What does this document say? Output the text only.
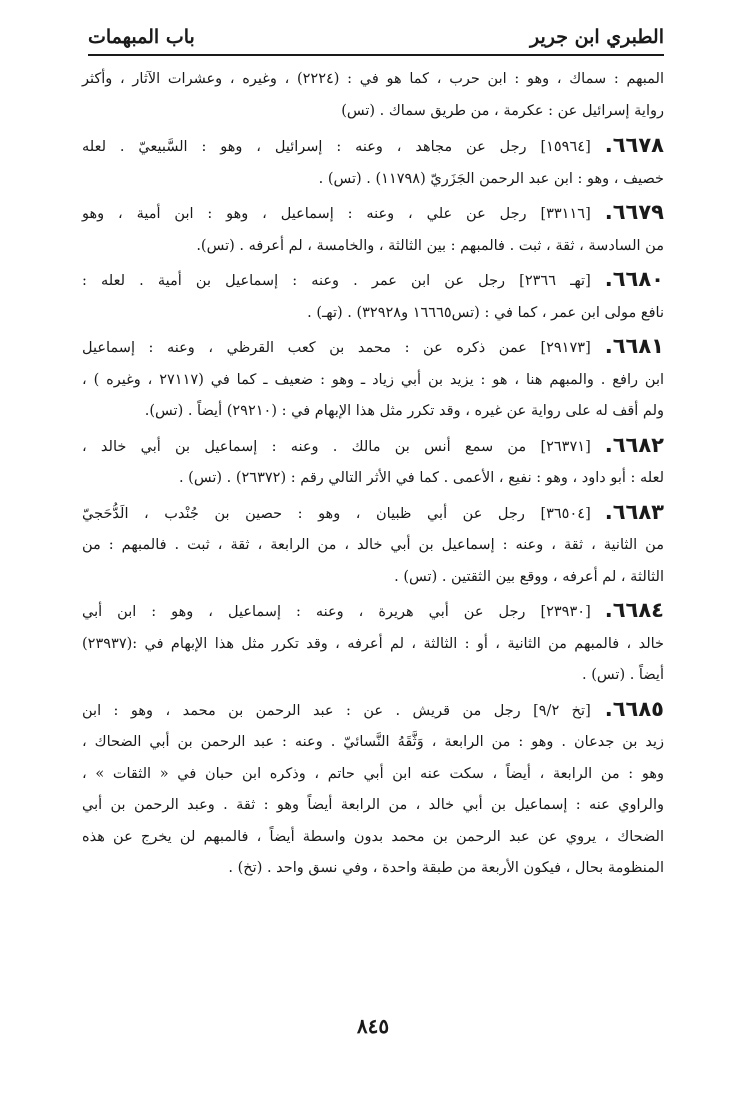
الطبري ابن جرير
باب المبهمات
المبهم : سماك ، وهو : ابن حرب ، كما هو في : (٢٢٢٤) ، وغيره ، وعشرات الآثار ، وأكثر
رواية إسرائيل عن : عكرمة ، من طريق سماك . (تس)
٦٦٧٨.[١٥٩٦٤] رجل عن مجاهد ، وعنه : إسرائيل ، وهو : السَّبيعيّ . لعله
خصيف ، وهو : ابن عبد الرحمن الجَزَريّ (١١٧٩٨) . (تس) .
٦٦٧٩.[٣٣١١٦] رجل عن علي ، وعنه : إسماعيل ، وهو : ابن أمية ، وهو
من السادسة ، ثقة ، ثبت . فالمبهم : بين الثالثة ، والخامسة ، لم أعرفه . (تس).
٦٦٨٠.[تهـ ٢٣٦٦] رجل عن ابن عمر . وعنه : إسماعيل بن أمية . لعله :
نافع مولى ابن عمر ، كما في : (تس١٦٦٦٥ و٣٢٩٢٨) . (تهـ) .
٦٦٨١.[٢٩١٧٣] عمن ذكره عن : محمد بن كعب القرظي ، وعنه : إسماعيل
ابن رافع . والمبهم هنا ، هو : يزيد بن أبي زياد ـ وهو : ضعيف ـ كما في (٢٧١١٧ ، وغيره ) ،
ولم أقف له على رواية عن غيره ، وقد تكرر مثل هذا الإبهام في : (٢٩٢١٠) أيضاً . (تس).
٦٦٨٢.[٢٦٣٧١] من سمع أنس بن مالك . وعنه : إسماعيل بن أبي خالد ،
لعله : أبو داود ، وهو : نفيع ، الأعمى . كما في الأثر التالي رقم : (٢٦٣٧٢) . (تس) .
٦٦٨٣.[٣٦٥٠٤] رجل عن أبي ظبيان ، وهو : حصين بن جُنْدب ، الَدُّحَجيّ
من الثانية ، ثقة ، وعنه : إسماعيل بن أبي خالد ، من الرابعة ، ثقة ، ثبت . فالمبهم : من
الثالثة ، لم أعرفه ، ووقع بين الثقتين . (تس) .
٦٦٨٤.[٢٣٩٣٠] رجل عن أبي هريرة ، وعنه : إسماعيل ، وهو : ابن أبي
خالد ، فالمبهم من الثانية ، أو : الثالثة ، لم أعرفه ، وقد تكرر مثل هذا الإبهام في :(٢٣٩٣٧)
أيضاً . (تس) .
٦٦٨٥.[تخ ٩/٢] رجل من قريش . عن : عبد الرحمن بن محمد ، وهو : ابن
زيد بن جدعان . وهو : من الرابعة ، وَثَّقَهُ النَّسائيّ . وعنه : عبد الرحمن بن أبي الضحاك ،
وهو : من الرابعة ، أيضاً ، سكت عنه ابن أبي حاتم ، وذكره ابن حبان في « الثقات » ،
والراوي عنه : إسماعيل بن أبي خالد ، من الرابعة أيضاً وهو : ثقة . وعبد الرحمن بن أبي
الضحاك ، يروي عن عبد الرحمن بن محمد بدون واسطة أيضاً ، فالمبهم لن يخرج عن هذه
المنظومة بحال ، فيكون الأربعة من طبقة واحدة ، وفي نسق واحد . (تخ) .
٨٤٥
